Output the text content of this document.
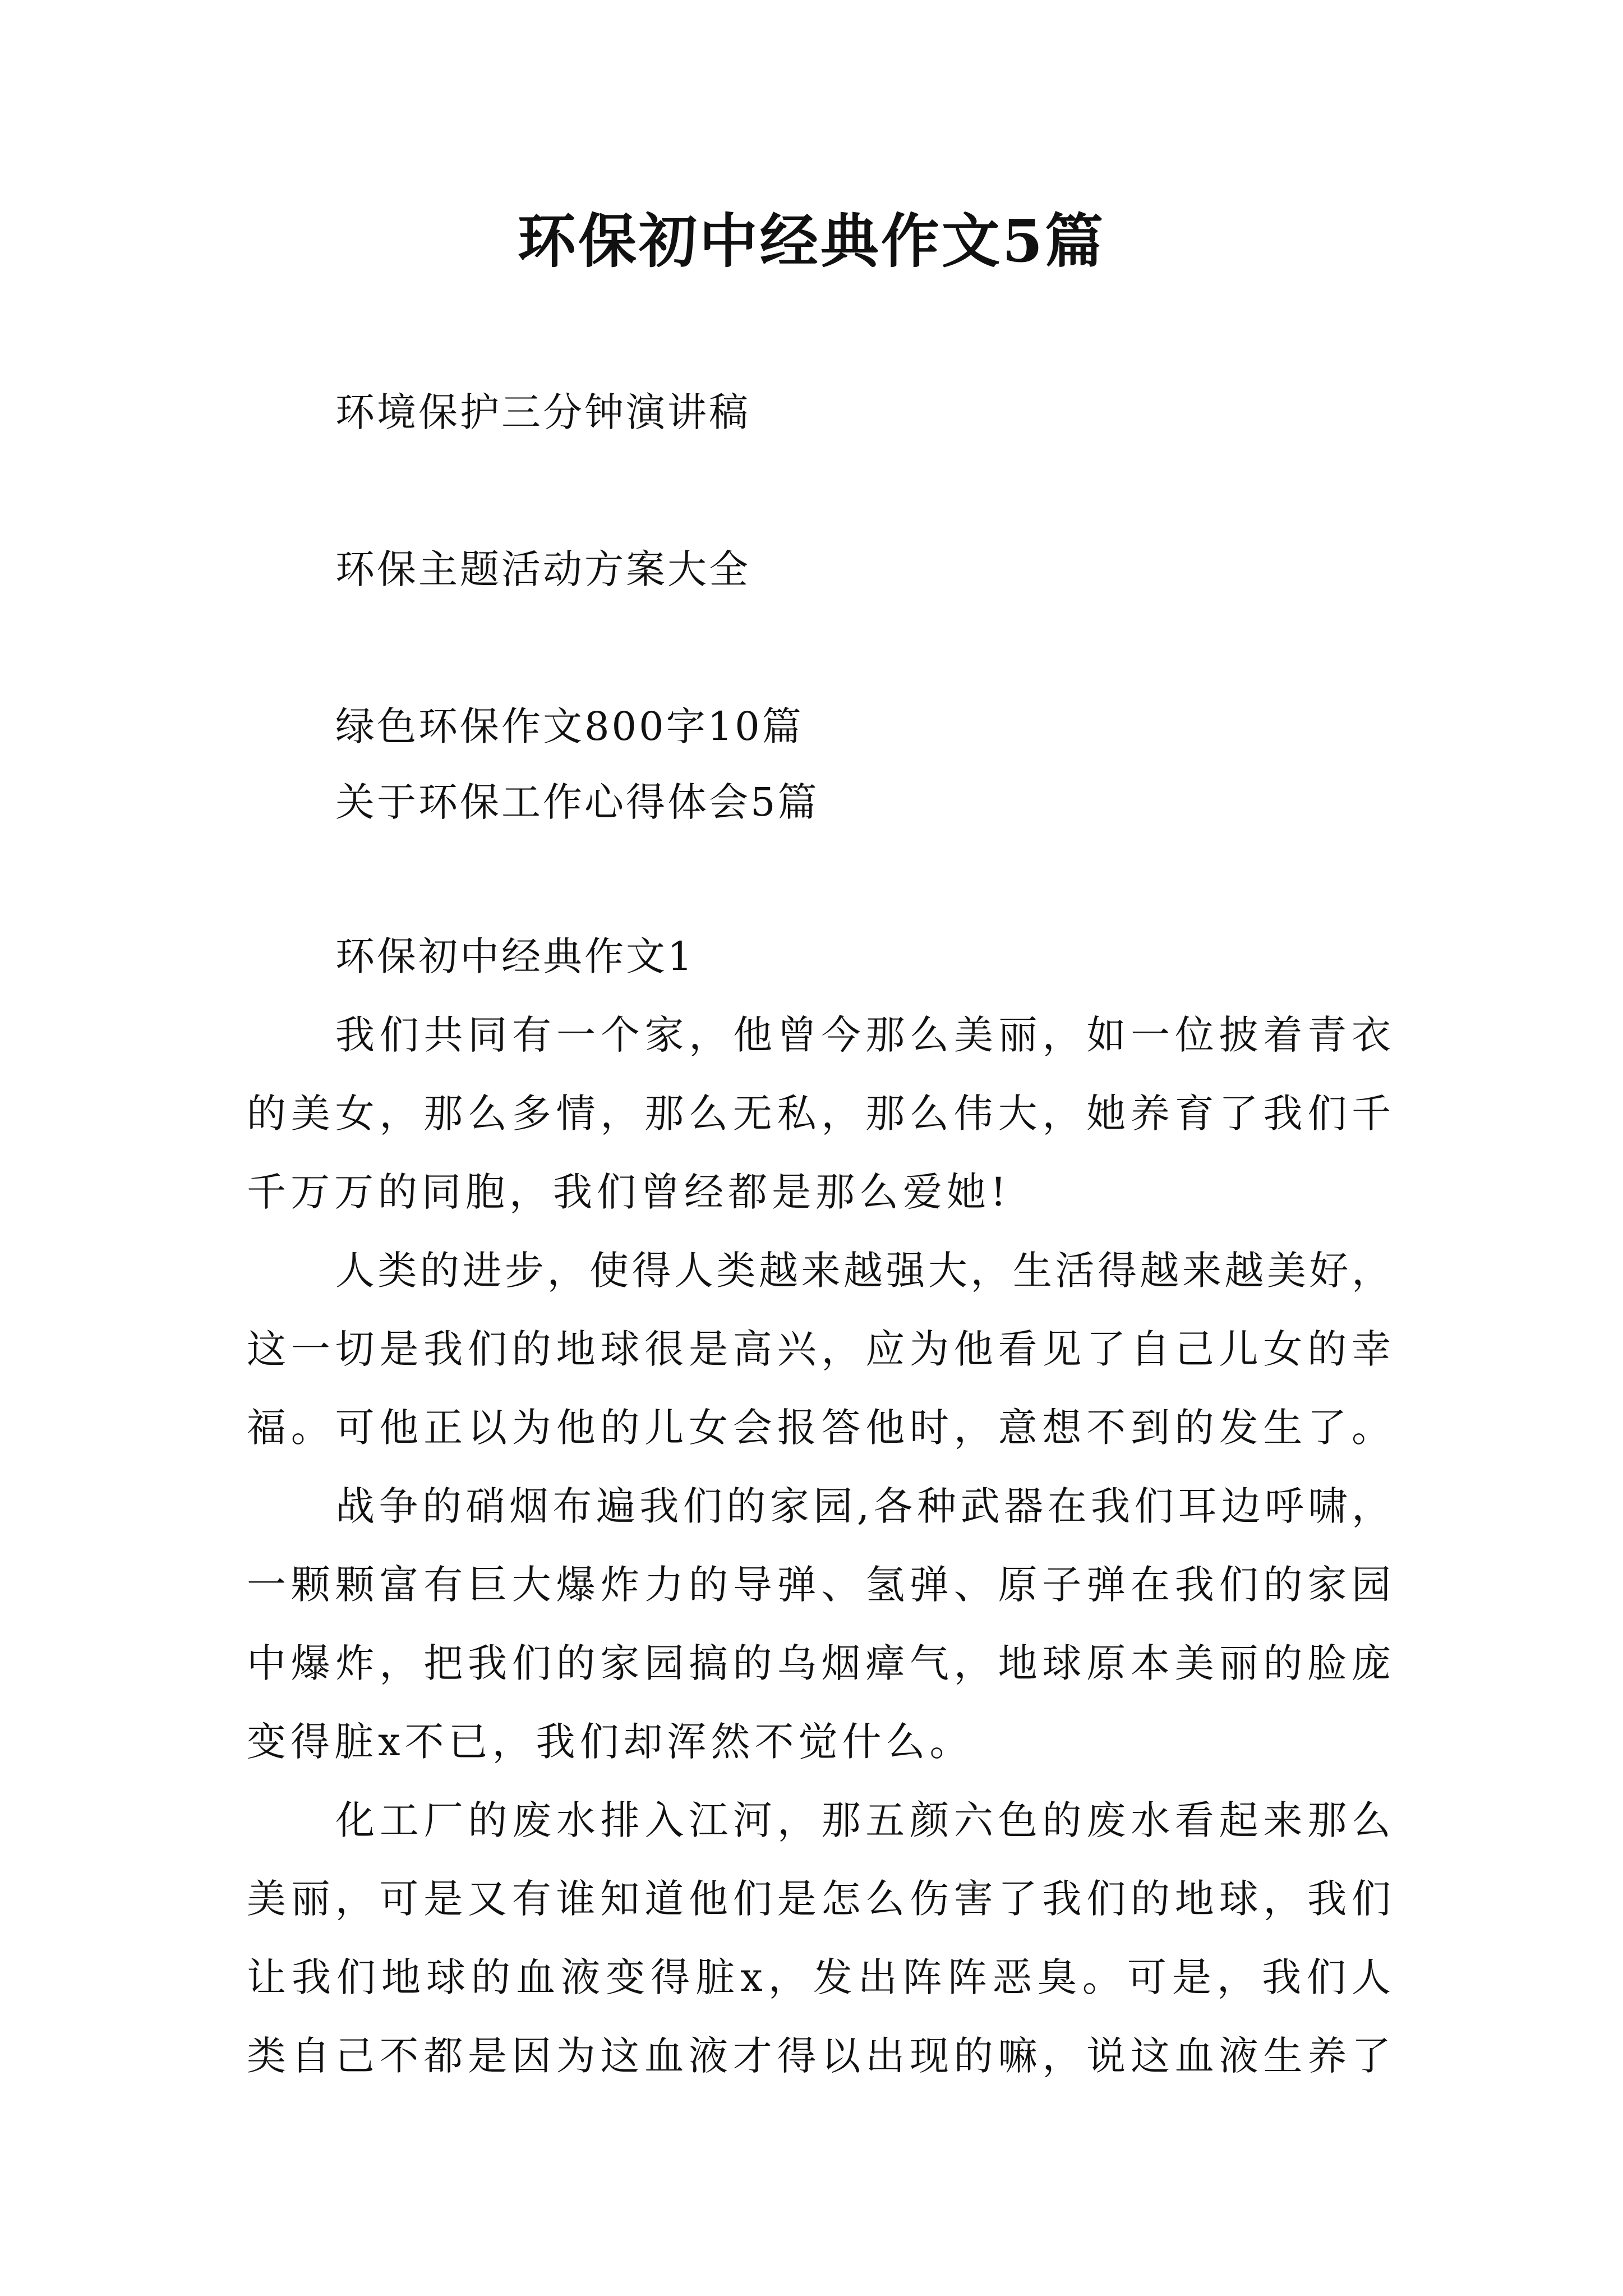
环保初中经典作文5篇
环境保护三分钟演讲稿
环保主题活动方案大全
绿色环保作文800字10篇
关于环保工作心得体会5篇
环保初中经典作文1
我们共同有一个家，他曾今那么美丽，如一位披着青衣
的美女，那么多情，那么无私，那么伟大，她养育了我们千
千万万的同胞，我们曾经都是那么爱她!
人类的进步，使得人类越来越强大，生活得越来越美好，
这一切是我们的地球很是高兴，应为他看见了自己儿女的幸
福。可他正以为他的儿女会报答他时，意想不到的发生了。
战争的硝烟布遍我们的家园,各种武器在我们耳边呼啸，
一颗颗富有巨大爆炸力的导弹、氢弹、原子弹在我们的家园
中爆炸，把我们的家园搞的乌烟瘴气，地球原本美丽的脸庞
变得脏x不已，我们却浑然不觉什么。
化工厂的废水排入江河，那五颜六色的废水看起来那么
美丽，可是又有谁知道他们是怎么伤害了我们的地球，我们
让我们地球的血液变得脏x，发出阵阵恶臭。可是，我们人
类自己不都是因为这血液才得以出现的嘛，说这血液生养了
